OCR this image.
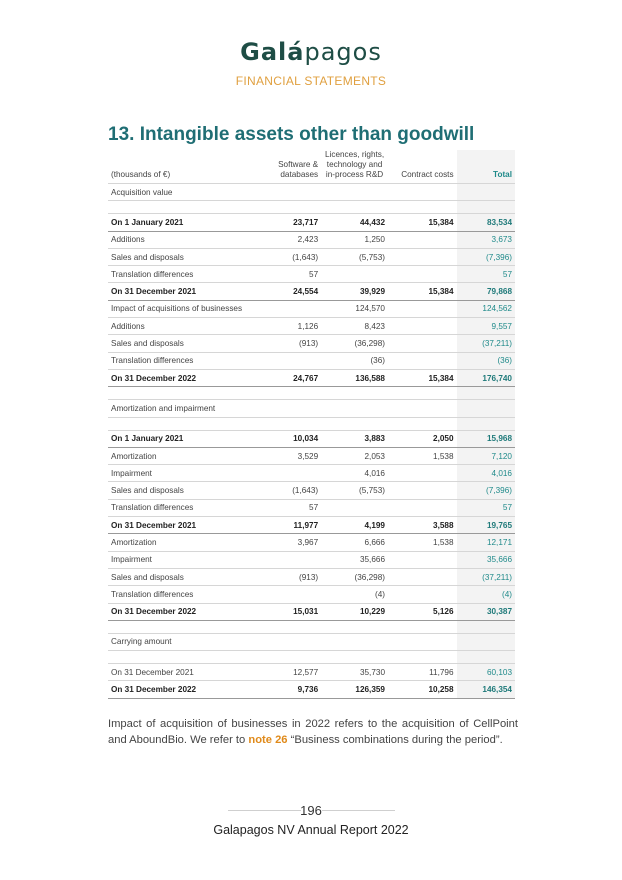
Galápagos
FINANCIAL STATEMENTS
13. Intangible assets other than goodwill
(thousands of €)	Software & databases	Licences, rights, technology and in-process R&D	Contract costs	Total
Acquisition value				

On 1 January 2021	23,717	44,432	15,384	83,534
Additions	2,423	1,250		3,673
Sales and disposals	(1,643)	(5,753)		(7,396)
Translation differences	57			57
On 31 December 2021	24,554	39,929	15,384	79,868
Impact of acquisitions of businesses		124,570		124,562
Additions	1,126	8,423		9,557
Sales and disposals	(913)	(36,298)		(37,211)
Translation differences		(36)		(36)
On 31 December 2022	24,767	136,588	15,384	176,740

Amortization and impairment				

On 1 January 2021	10,034	3,883	2,050	15,968
Amortization	3,529	2,053	1,538	7,120
Impairment		4,016		4,016
Sales and disposals	(1,643)	(5,753)		(7,396)
Translation differences	57			57
On 31 December 2021	11,977	4,199	3,588	19,765
Amortization	3,967	6,666	1,538	12,171
Impairment		35,666		35,666
Sales and disposals	(913)	(36,298)		(37,211)
Translation differences		(4)		(4)
On 31 December 2022	15,031	10,229	5,126	30,387

Carrying amount				

On 31 December 2021	12,577	35,730	11,796	60,103
On 31 December 2022	9,736	126,359	10,258	146,354
Impact of acquisition of businesses in 2022 refers to the acquisition of CellPoint and AboundBio. We refer to note 26 “Business combinations during the period”.
196
Galapagos NV Annual Report 2022
